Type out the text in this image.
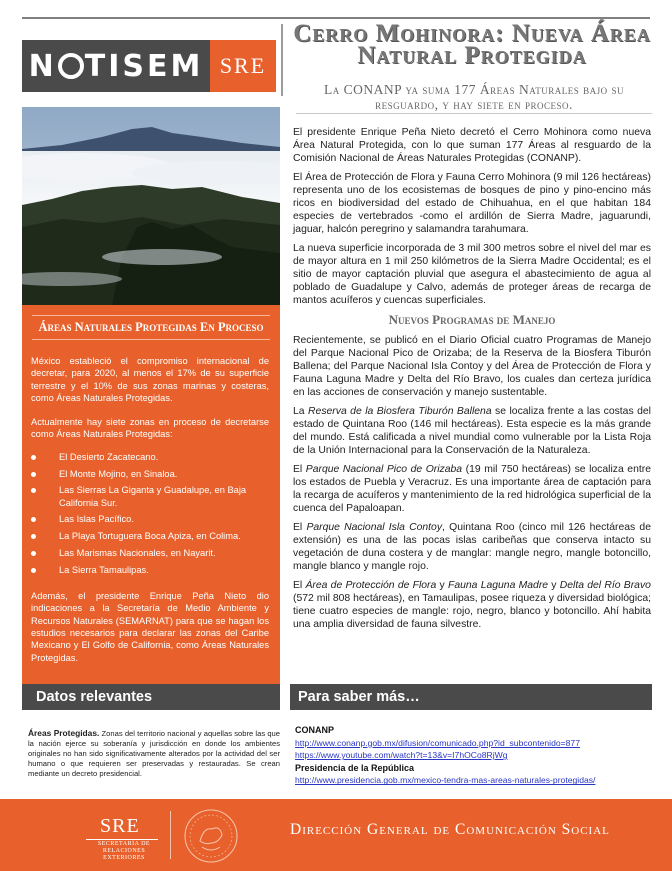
N TISEM SRE
Cerro Mohinora: Nueva Área Natural Protegida
La CONANP ya suma 177 Áreas Naturales bajo su resguardo, y hay siete en proceso.
Áreas Naturales Protegidas En Proceso

México estableció el compromiso internacional de decretar, para 2020, al menos el 17% de su superficie terrestre y el 10% de sus zonas marinas y costeras, como Áreas Naturales Protegidas.

Actualmente hay siete zonas en proceso de decretarse como Áreas Naturales Protegidas:

El Desierto Zacatecano.
El Monte Mojino, en Sinaloa.
Las Sierras La Giganta y Guadalupe, en Baja California Sur.
Las Islas Pacífico.
La Playa Tortuguera Boca Apiza, en Colima.
Las Marismas Nacionales, en Nayarit.
La Sierra Tamaulipas.

Además, el presidente Enrique Peña Nieto dio indicaciones a la Secretaría de Medio Ambiente y Recursos Naturales (SEMARNAT) para que se hagan los estudios necesarios para declarar las zonas del Caribe Mexicano y El Golfo de California, como Áreas Naturales Protegidas.

El presidente Enrique Peña Nieto decretó el Cerro Mohinora como nueva Área Natural Protegida, con lo que suman 177 Áreas al resguardo de la Comisión Nacional de Áreas Naturales Protegidas (CONANP).

El Área de Protección de Flora y Fauna Cerro Mohinora (9 mil 126 hectáreas) representa uno de los ecosistemas de bosques de pino y pino-encino más ricos en biodiversidad del estado de Chihuahua, en el que habitan 184 especies de vertebrados -como el ardillón de Sierra Madre, jaguarundi, jaguar, halcón peregrino y salamandra tarahumara.

La nueva superficie incorporada de 3 mil 300 metros sobre el nivel del mar es de mayor altura en 1 mil 250 kilómetros de la Sierra Madre Occidental; es el sitio de mayor captación pluvial que asegura el abastecimiento de agua al poblado de Guadalupe y Calvo, además de proteger áreas de recarga de mantos acuíferos y cuencas superficiales.

Nuevos Programas de Manejo

Recientemente, se publicó en el Diario Oficial cuatro Programas de Manejo del Parque Nacional Pico de Orizaba; de la Reserva de la Biosfera Tiburón Ballena; del Parque Nacional Isla Contoy y del Área de Protección de Flora y Fauna Laguna Madre y Delta del Río Bravo, los cuales dan certeza jurídica en las acciones de conservación y manejo sustentable.

La Reserva de la Biosfera Tiburón Ballena se localiza frente a las costas del estado de Quintana Roo (146 mil hectáreas). Esta especie es la más grande del mundo. Está calificada a nivel mundial como vulnerable por la Lista Roja de la Unión Internacional para la Conservación de la Naturaleza.

El Parque Nacional Pico de Orizaba (19 mil 750 hectáreas) se localiza entre los estados de Puebla y Veracruz. Es una importante área de captación para la recarga de acuíferos y mantenimiento de la red hidrológica superficial de la cuenca del Papaloapan.

El Parque Nacional Isla Contoy, Quintana Roo (cinco mil 126 hectáreas de extensión) es una de las pocas islas caribeñas que conserva intacto su vegetación de duna costera y de manglar: mangle negro, mangle botoncillo, mangle blanco y mangle rojo.

El Área de Protección de Flora y Fauna Laguna Madre y Delta del Río Bravo (572 mil 808 hectáreas), en Tamaulipas, posee riqueza y diversidad biológica; tiene cuatro especies de mangle: rojo, negro, blanco y botoncillo. Ahí habita una amplia diversidad de fauna silvestre.

Datos relevantes	Para saber más…
Áreas Protegidas. Zonas del territorio nacional y aquellas sobre las que la nación ejerce su soberanía y jurisdicción en donde los ambientes originales no han sido significativamente alterados por la actividad del ser humano o que requieren ser preservadas y restauradas. Se crean mediante un decreto presidencial.
CONANP
http://www.conanp.gob.mx/difusion/comunicado.php?id_subcontenido=877
https://www.youtube.com/watch?t=13&v=I7hOCo8RjWg
Presidencia de la República
http://www.presidencia.gob.mx/mexico-tendra-mas-areas-naturales-protegidas/
SRE
SECRETARÍA DE RELACIONES EXTERIORES
Dirección General de Comunicación Social
